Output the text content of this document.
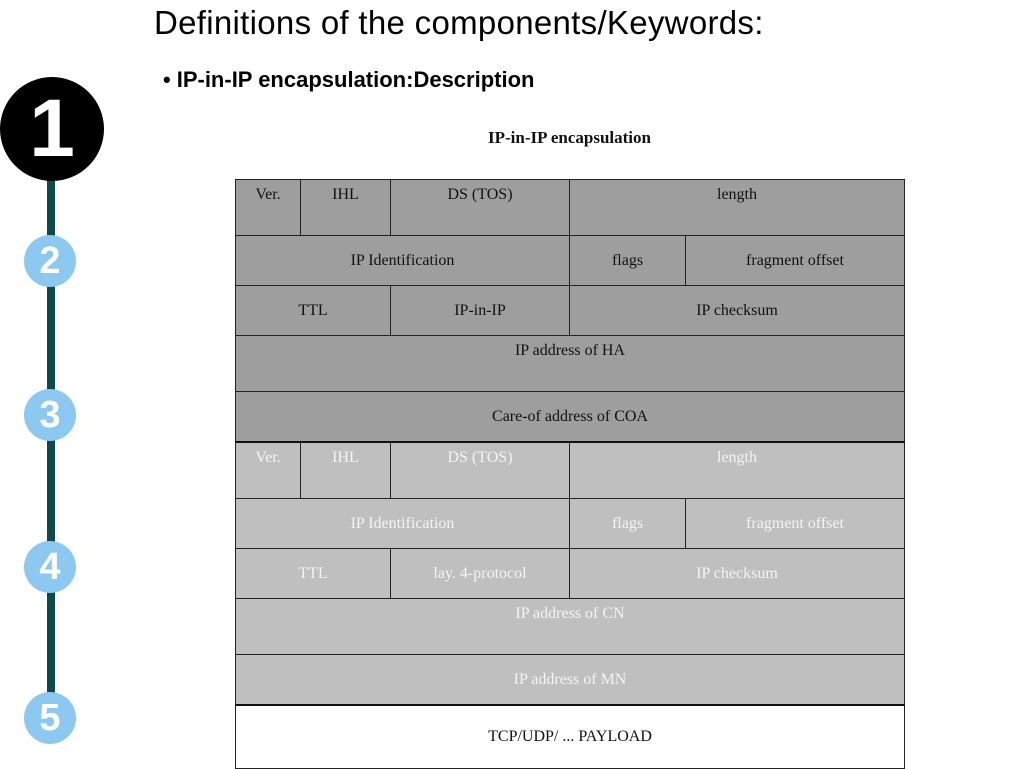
Definitions of the components/Keywords:
• IP-in-IP encapsulation:Description
1
2
3
4
5
IP-in-IP encapsulation
Ver.	IHL	DS (TOS)	length	
IP Identification			flags	fragment offset
TTL		IP-in-IP	IP checksum	
IP address of HA				
Care-of address of COA				
Ver.	IHL	DS (TOS)	length	
IP Identification			flags	fragment offset
TTL		lay. 4-protocol	IP checksum	
IP address of CN				
IP address of MN				
TCP/UDP/ ... PAYLOAD				
